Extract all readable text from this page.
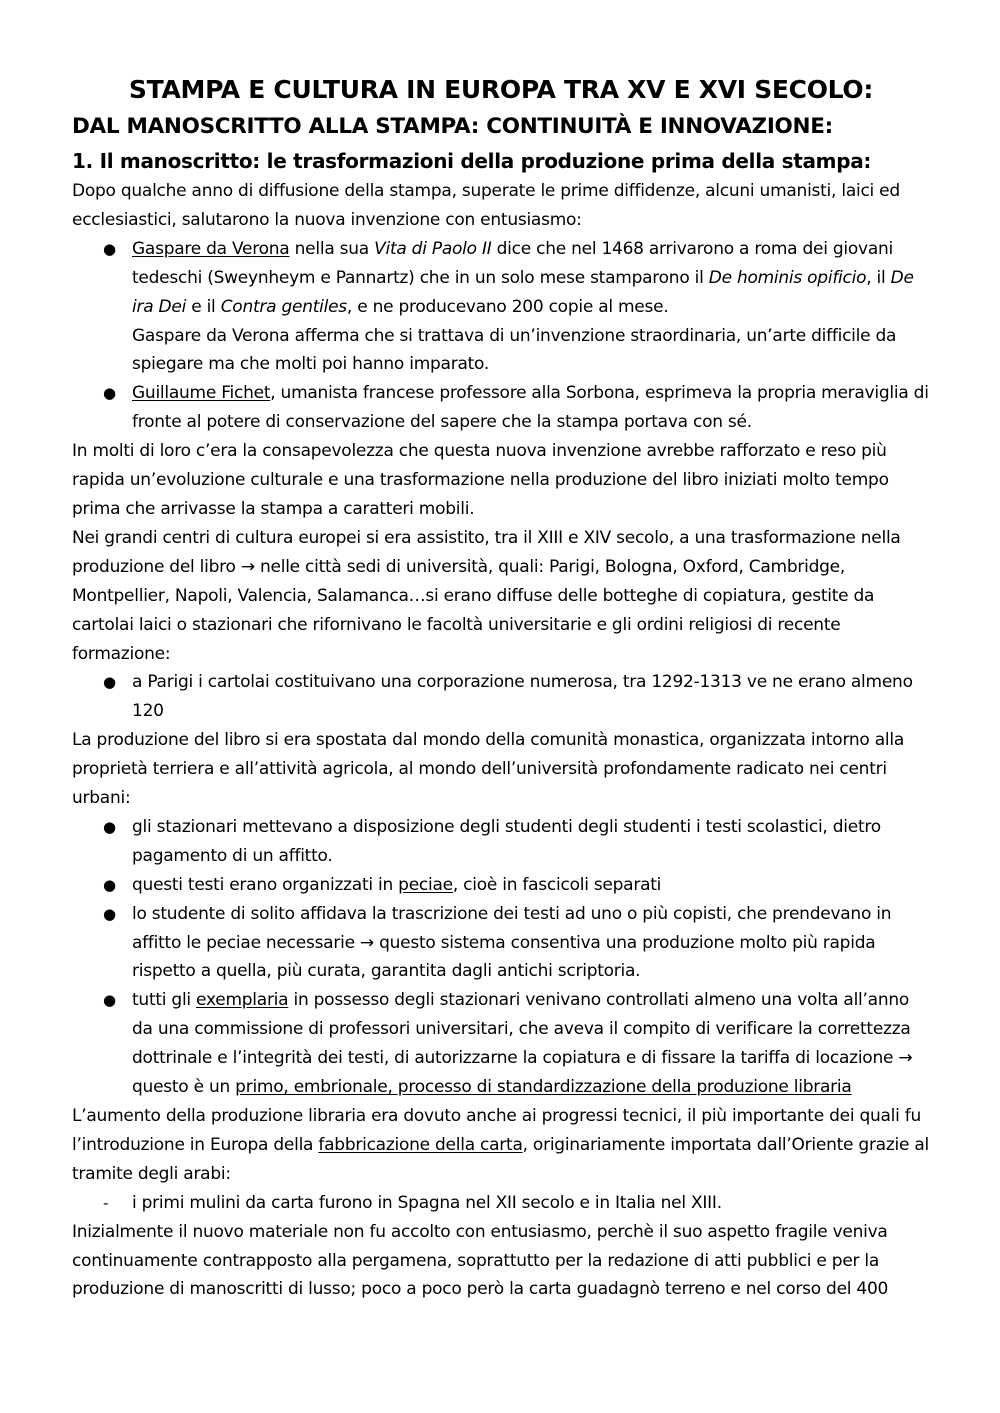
STAMPA E CULTURA IN EUROPA TRA XV E XVI SECOLO:
DAL MANOSCRITTO ALLA STAMPA: CONTINUITÀ E INNOVAZIONE:
1. Il manoscritto: le trasformazioni della produzione prima della stampa:

Dopo qualche anno di diffusione della stampa, superate le prime diffidenze, alcuni umanisti, laici ed ecclesiastici, salutarono la nuova invenzione con entusiasmo:

● Gaspare da Verona nella sua Vita di Paolo II dice che nel 1468 arrivarono a roma dei giovani tedeschi (Sweynheym e Pannartz) che in un solo mese stamparono il De hominis opificio, il De ira Dei e il Contra gentiles, e ne producevano 200 copie al mese.
Gaspare da Verona afferma che si trattava di un’invenzione straordinaria, un’arte difficile da spiegare ma che molti poi hanno imparato.
● Guillaume Fichet, umanista francese professore alla Sorbona, esprimeva la propria meraviglia di fronte al potere di conservazione del sapere che la stampa portava con sé.

In molti di loro c’era la consapevolezza che questa nuova invenzione avrebbe rafforzato e reso più rapida un’evoluzione culturale e una trasformazione nella produzione del libro iniziati molto tempo prima che arrivasse la stampa a caratteri mobili.

Nei grandi centri di cultura europei si era assistito, tra il XIII e XIV secolo, a una trasformazione nella produzione del libro → nelle città sedi di università, quali: Parigi, Bologna, Oxford, Cambridge, Montpellier, Napoli, Valencia, Salamanca…si erano diffuse delle botteghe di copiatura, gestite da cartolai laici o stazionari che rifornivano le facoltà universitarie e gli ordini religiosi di recente formazione:

● a Parigi i cartolai costituivano una corporazione numerosa, tra 1292-1313 ve ne erano almeno 120

La produzione del libro si era spostata dal mondo della comunità monastica, organizzata intorno alla proprietà terriera e all’attività agricola, al mondo dell’università profondamente radicato nei centri urbani:

● gli stazionari mettevano a disposizione degli studenti degli studenti i testi scolastici, dietro pagamento di un affitto.
● questi testi erano organizzati in peciae, cioè in fascicoli separati
● lo studente di solito affidava la trascrizione dei testi ad uno o più copisti, che prendevano in affitto le peciae necessarie → questo sistema consentiva una produzione molto più rapida rispetto a quella, più curata, garantita dagli antichi scriptoria.
● tutti gli exemplaria in possesso degli stazionari venivano controllati almeno una volta all’anno da una commissione di professori universitari, che aveva il compito di verificare la correttezza dottrinale e l’integrità dei testi, di autorizzarne la copiatura e di fissare la tariffa di locazione → questo è un primo, embrionale, processo di standardizzazione della produzione libraria

L’aumento della produzione libraria era dovuto anche ai progressi tecnici, il più importante dei quali fu l’introduzione in Europa della fabbricazione della carta, originariamente importata dall’Oriente grazie al tramite degli arabi:

- i primi mulini da carta furono in Spagna nel XII secolo e in Italia nel XIII.

Inizialmente il nuovo materiale non fu accolto con entusiasmo, perchè il suo aspetto fragile veniva continuamente contrapposto alla pergamena, soprattutto per la redazione di atti pubblici e per la produzione di manoscritti di lusso; poco a poco però la carta guadagnò terreno e nel corso del 400
